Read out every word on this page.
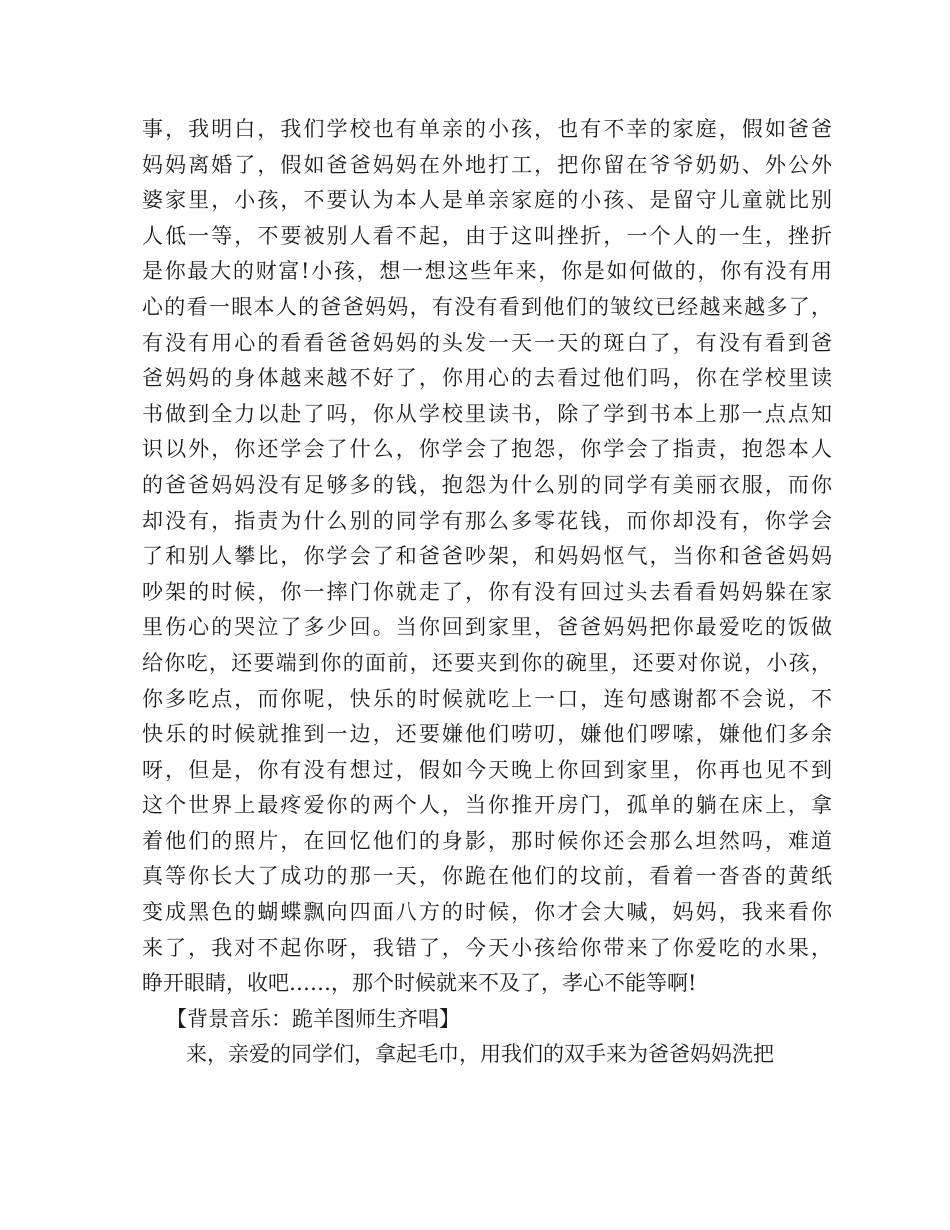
事，我明白，我们学校也有单亲的小孩，也有不幸的家庭，假如爸爸
妈妈离婚了，假如爸爸妈妈在外地打工，把你留在爷爷奶奶、外公外
婆家里，小孩，不要认为本人是单亲家庭的小孩、是留守儿童就比别
人低一等，不要被别人看不起，由于这叫挫折，一个人的一生，挫折
是你最大的财富!小孩，想一想这些年来，你是如何做的，你有没有用
心的看一眼本人的爸爸妈妈，有没有看到他们的皱纹已经越来越多了，
有没有用心的看看爸爸妈妈的头发一天一天的斑白了，有没有看到爸
爸妈妈的身体越来越不好了，你用心的去看过他们吗，你在学校里读
书做到全力以赴了吗，你从学校里读书，除了学到书本上那一点点知
识以外，你还学会了什么，你学会了抱怨，你学会了指责，抱怨本人
的爸爸妈妈没有足够多的钱，抱怨为什么别的同学有美丽衣服，而你
却没有，指责为什么别的同学有那么多零花钱，而你却没有，你学会
了和别人攀比，你学会了和爸爸吵架，和妈妈怄气，当你和爸爸妈妈
吵架的时候，你一摔门你就走了，你有没有回过头去看看妈妈躲在家
里伤心的哭泣了多少回。当你回到家里，爸爸妈妈把你最爱吃的饭做
给你吃，还要端到你的面前，还要夹到你的碗里，还要对你说，小孩，
你多吃点，而你呢，快乐的时候就吃上一口，连句感谢都不会说，不
快乐的时候就推到一边，还要嫌他们唠叨，嫌他们啰嗦，嫌他们多余
呀，但是，你有没有想过，假如今天晚上你回到家里，你再也见不到
这个世界上最疼爱你的两个人，当你推开房门，孤单的躺在床上，拿
着他们的照片，在回忆他们的身影，那时候你还会那么坦然吗，难道
真等你长大了成功的那一天，你跪在他们的坟前，看着一沓沓的黄纸
变成黑色的蝴蝶飘向四面八方的时候，你才会大喊，妈妈，我来看你
来了，我对不起你呀，我错了，今天小孩给你带来了你爱吃的水果，
睁开眼睛，收吧……，那个时候就来不及了，孝心不能等啊!
【背景音乐：跪羊图师生齐唱】
来，亲爱的同学们，拿起毛巾，用我们的双手来为爸爸妈妈洗把
